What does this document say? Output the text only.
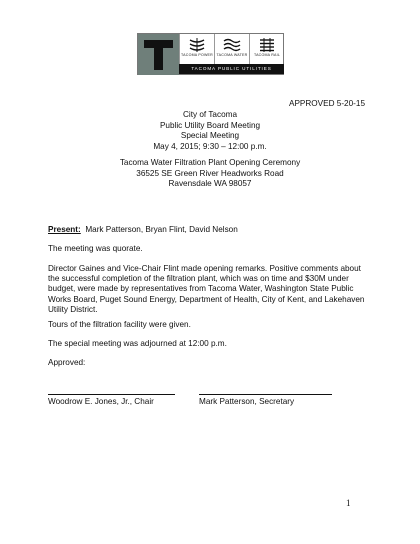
TACOMA POWER	TACOMA WATER	TACOMA RAIL
TACOMA PUBLIC UTILITIES
APPROVED 5-20-15
City of Tacoma
Public Utility Board Meeting
Special Meeting
May 4, 2015; 9:30 – 12:00 p.m.
Tacoma Water Filtration Plant Opening Ceremony
36525 SE Green River Headworks Road
Ravensdale WA 98057
Present: Mark Patterson, Bryan Flint, David Nelson
The meeting was quorate.
Director Gaines and Vice-Chair Flint made opening remarks. Positive comments about
the successful completion of the filtration plant, which was on time and $30M under
budget, were made by representatives from Tacoma Water, Washington State Public
Works Board, Puget Sound Energy, Department of Health, City of Kent, and Lakehaven
Utility District.
Tours of the filtration facility were given.
The special meeting was adjourned at 12:00 p.m.
Approved:
Woodrow E. Jones, Jr., Chair	Mark Patterson, Secretary
1
